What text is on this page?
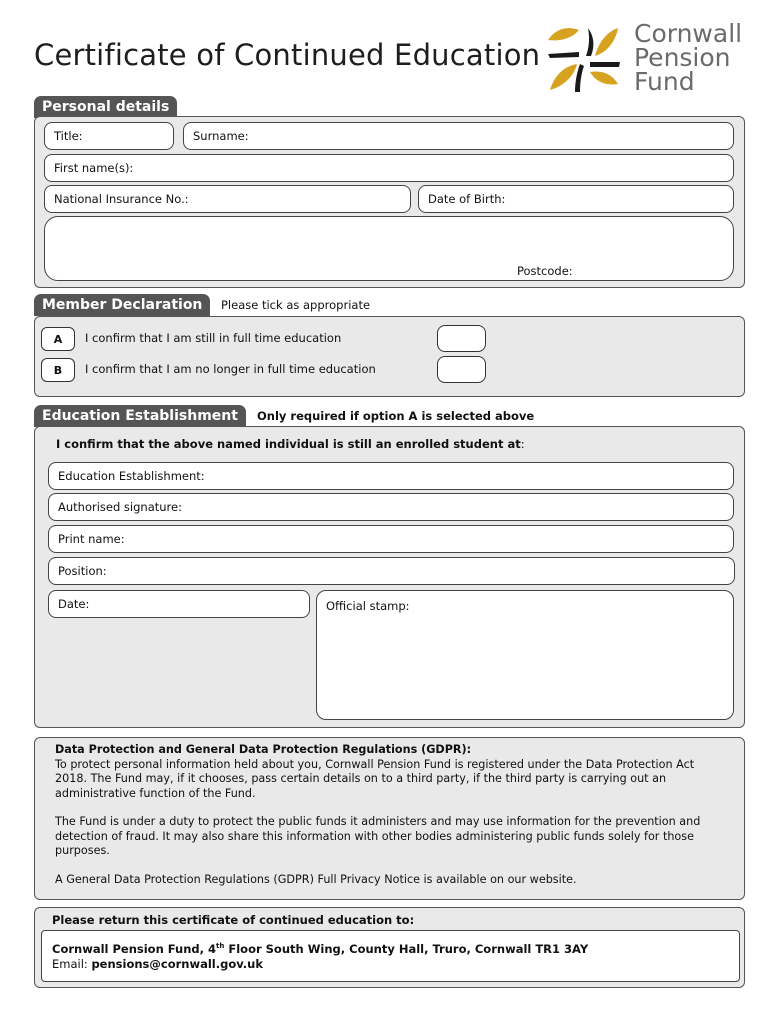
Certificate of Continued Education
Cornwall
Pension
Fund
Personal details
Title:	Surname:
First name(s):
National Insurance No.:	Date of Birth:
Postcode:
Member Declaration	Please tick as appropriate
A	I confirm that I am still in full time education
B	I confirm that I am no longer in full time education
Education Establishment	Only required if option A is selected above
I confirm that the above named individual is still an enrolled student at:
Education Establishment:
Authorised signature:
Print name:
Position:
Date:	Official stamp:
Data Protection and General Data Protection Regulations (GDPR):

To protect personal information held about you, Cornwall Pension Fund is registered under the Data Protection Act 2018. The Fund may, if it chooses, pass certain details on to a third party, if the third party is carrying out an administrative function of the Fund.

The Fund is under a duty to protect the public funds it administers and may use information for the prevention and detection of fraud. It may also share this information with other bodies administering public funds solely for those purposes.

A General Data Protection Regulations (GDPR) Full Privacy Notice is available on our website.

Please return this certificate of continued education to:
Cornwall Pension Fund, 4th Floor South Wing, County Hall, Truro, Cornwall TR1 3AY
Email: pensions@cornwall.gov.uk
